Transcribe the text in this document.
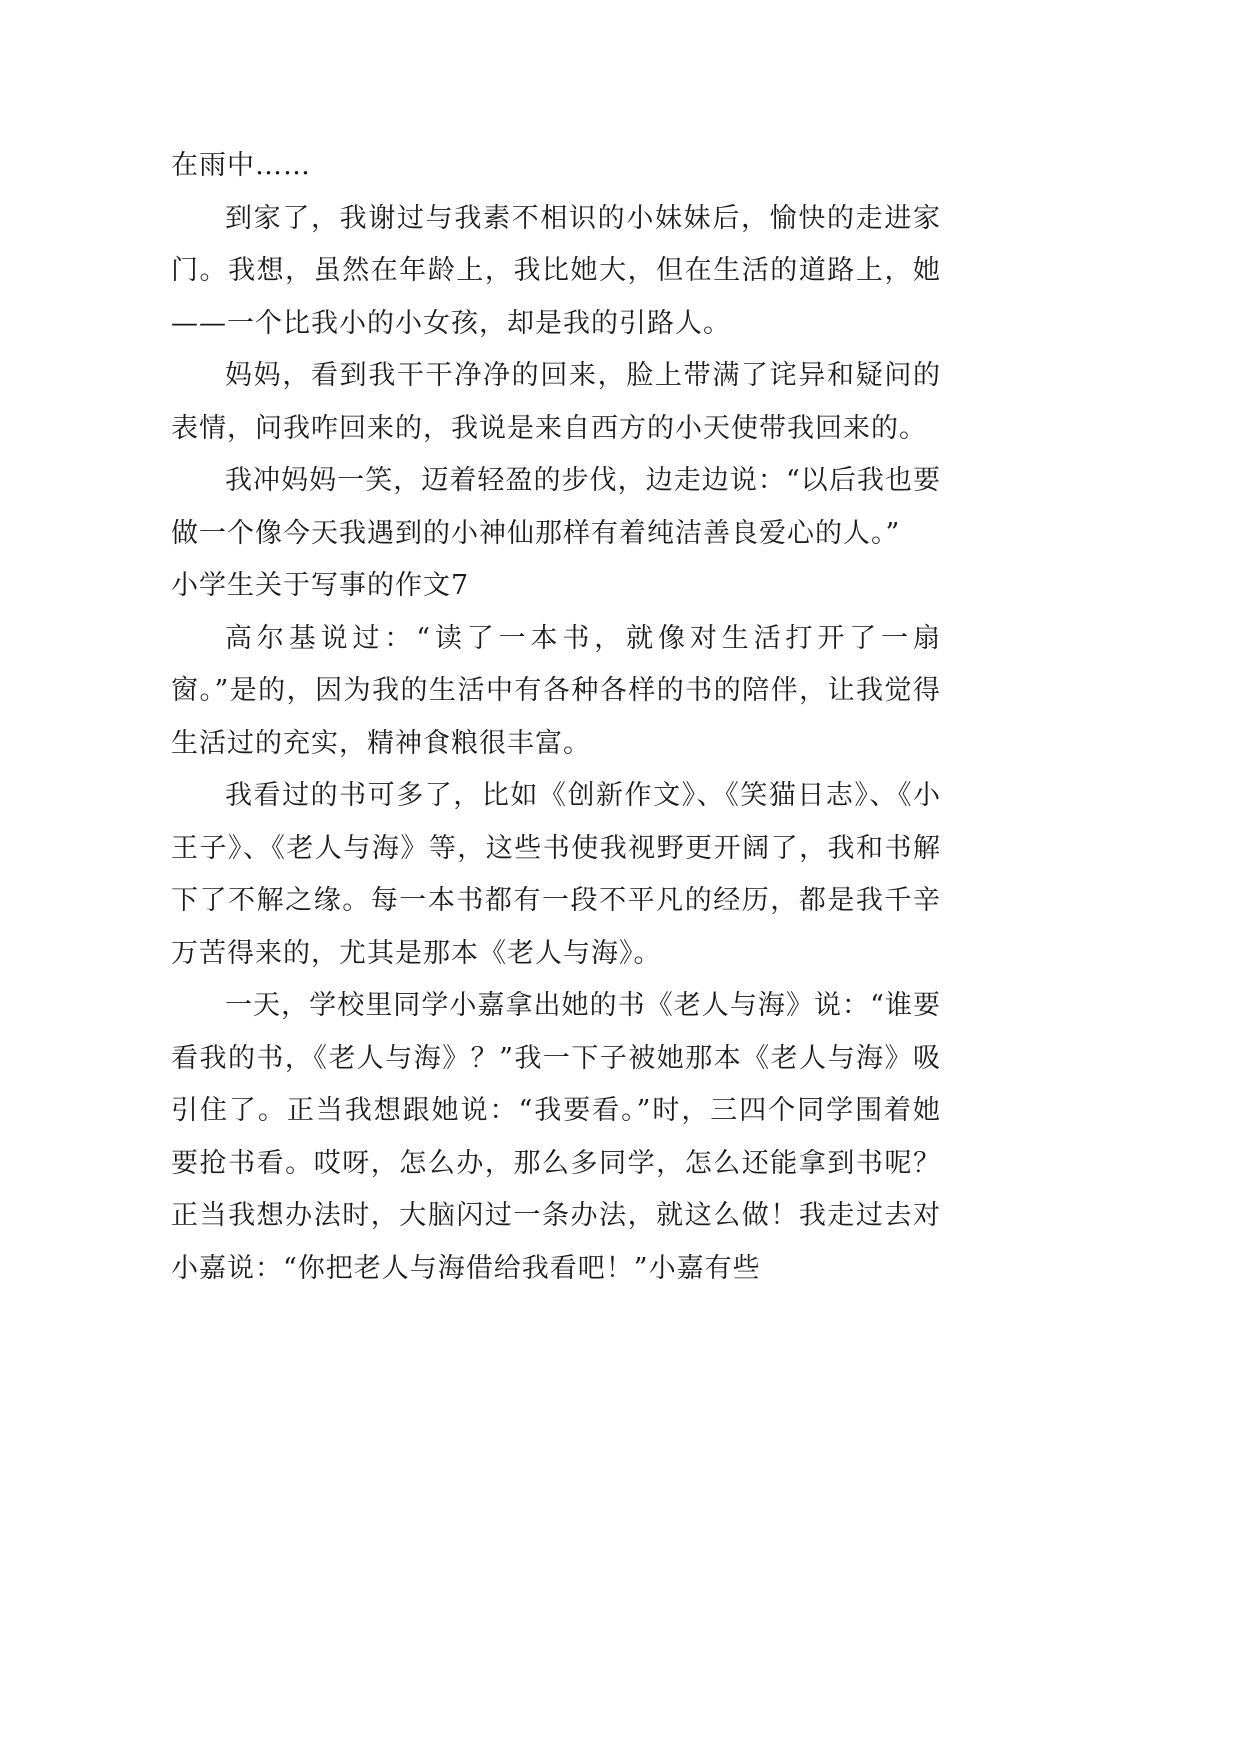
在雨中……

到家了，我谢过与我素不相识的小妹妹后，愉快的走进家门。我想，虽然在年龄上，我比她大，但在生活的道路上，她——一个比我小的小女孩，却是我的引路人。

妈妈，看到我干干净净的回来，脸上带满了诧异和疑问的表情，问我咋回来的，我说是来自西方的小天使带我回来的。

我冲妈妈一笑，迈着轻盈的步伐，边走边说：“以后我也要做一个像今天我遇到的小神仙那样有着纯洁善良爱心的人。”

小学生关于写事的作文7

高尔基说过：“读了一本书，就像对生活打开了一扇窗。”是的，因为我的生活中有各种各样的书的陪伴，让我觉得生活过的充实，精神食粮很丰富。

我看过的书可多了，比如《创新作文》、《笑猫日志》、《小王子》、《老人与海》等，这些书使我视野更开阔了，我和书解下了不解之缘。每一本书都有一段不平凡的经历，都是我千辛万苦得来的，尤其是那本《老人与海》。

一天，学校里同学小嘉拿出她的书《老人与海》说：“谁要看我的书，《老人与海》？”我一下子被她那本《老人与海》吸引住了。正当我想跟她说：“我要看。”时，三四个同学围着她要抢书看。哎呀，怎么办，那么多同学，怎么还能拿到书呢？正当我想办法时，大脑闪过一条办法，就这么做！我走过去对小嘉说：“你把老人与海借给我看吧！”小嘉有些
